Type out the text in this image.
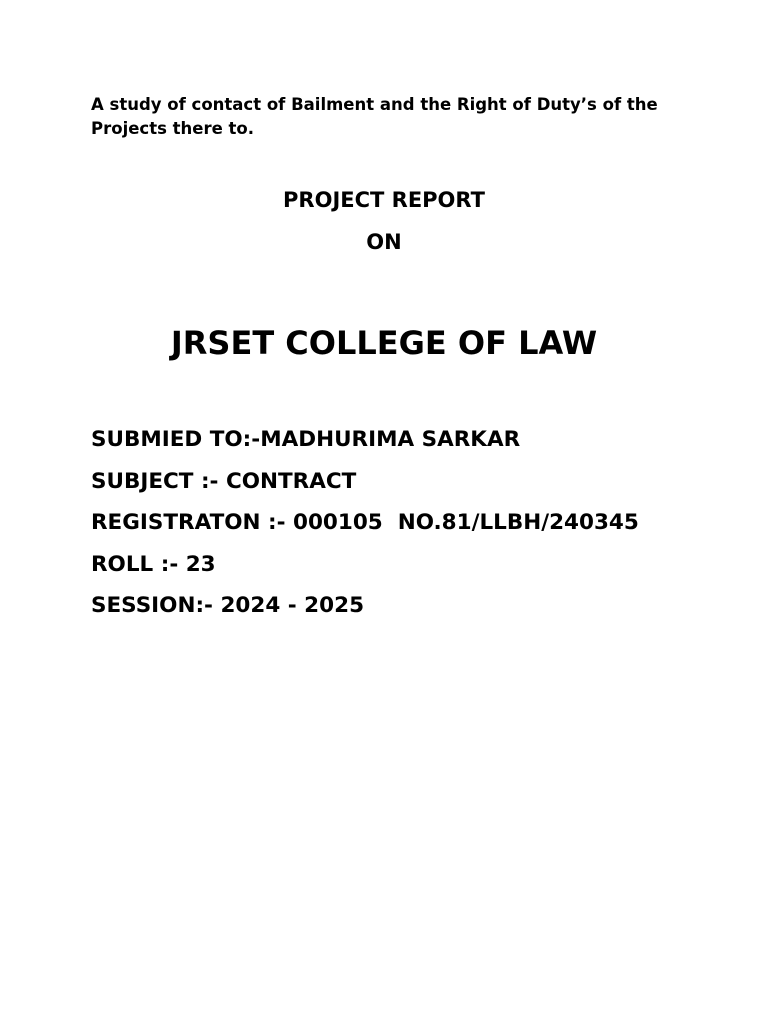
A study of contact of Bailment and the Right of Duty’s of the Projects there to.

PROJECT REPORT

ON

JRSET COLLEGE OF LAW

SUBMIED TO:-MADHURIMA SARKAR
SUBJECT :- CONTRACT
REGISTRATON :- 000105  NO.81/LLBH/240345
ROLL :- 23
SESSION:- 2024 - 2025
